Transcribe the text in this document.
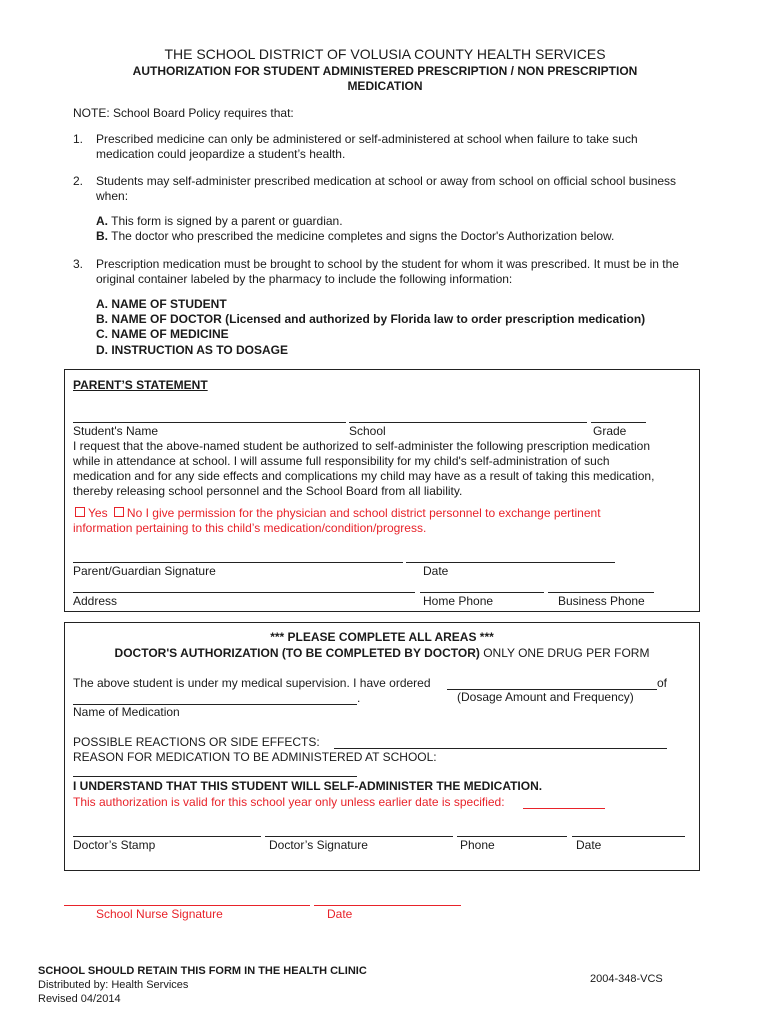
THE SCHOOL DISTRICT OF VOLUSIA COUNTY HEALTH SERVICES
AUTHORIZATION FOR STUDENT ADMINISTERED PRESCRIPTION / NON PRESCRIPTION
MEDICATION
NOTE: School Board Policy requires that:
1. Prescribed medicine can only be administered or self-administered at school when failure to take such
medication could jeopardize a student’s health.
2. Students may self-administer prescribed medication at school or away from school on official school business
when:
A. This form is signed by a parent or guardian.
B. The doctor who prescribed the medicine completes and signs the Doctor's Authorization below.
3. Prescription medication must be brought to school by the student for whom it was prescribed. It must be in the
original container labeled by the pharmacy to include the following information:
A. NAME OF STUDENT
B. NAME OF DOCTOR (Licensed and authorized by Florida law to order prescription medication)
C. NAME OF MEDICINE
D. INSTRUCTION AS TO DOSAGE
PARENT’S STATEMENT
Student's Name	School	Grade
I request that the above-named student be authorized to self-administer the following prescription medication
while in attendance at school. I will assume full responsibility for my child's self-administration of such
medication and for any side effects and complications my child may have as a result of taking this medication,
thereby releasing school personnel and the School Board from all liability.
Yes No I give permission for the physician and school district personnel to exchange pertinent
information pertaining to this child’s medication/condition/progress.
Parent/Guardian Signature	Date
Address	Home Phone	Business Phone
*** PLEASE COMPLETE ALL AREAS ***
DOCTOR'S AUTHORIZATION (TO BE COMPLETED BY DOCTOR) ONLY ONE DRUG PER FORM
The above student is under my medical supervision. I have ordered	of
.	(Dosage Amount and Frequency)
Name of Medication
POSSIBLE REACTIONS OR SIDE EFFECTS:
REASON FOR MEDICATION TO BE ADMINISTERED AT SCHOOL:
I UNDERSTAND THAT THIS STUDENT WILL SELF-ADMINISTER THE MEDICATION.
This authorization is valid for this school year only unless earlier date is specified:
Doctor’s Stamp	Doctor’s Signature	Phone	Date
School Nurse Signature	Date
SCHOOL SHOULD RETAIN THIS FORM IN THE HEALTH CLINIC
Distributed by: Health Services
Revised 04/2014
2004-348-VCS
